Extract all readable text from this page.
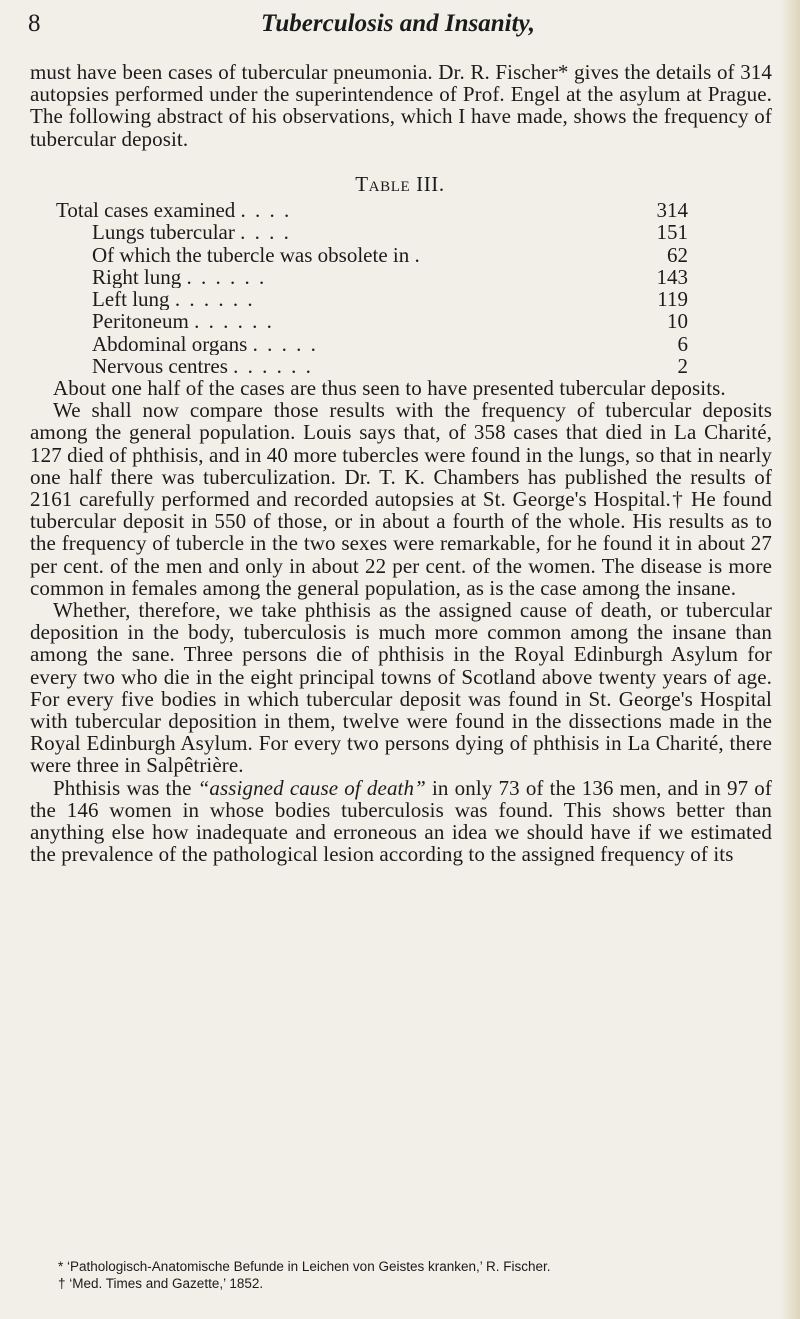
8	Tuberculosis and Insanity,

must have been cases of tubercular pneumonia. Dr. R. Fischer* gives the details of 314 autopsies performed under the superintendence of Prof. Engel at the asylum at Prague. The following abstract of his observations, which I have made, shows the frequency of tubercular deposit.

Table III.
Total cases examined . . . .	314
Lungs tubercular . . . .	151
Of which the tubercle was obsolete in .	62
Right lung . . . . . .	143
Left lung . . . . . .	119
Peritoneum . . . . . .	10
Abdominal organs . . . . .	6
Nervous centres . . . . . .	2

About one half of the cases are thus seen to have presented tubercular deposits.

We shall now compare those results with the frequency of tubercular deposits among the general population. Louis says that, of 358 cases that died in La Charité, 127 died of phthisis, and in 40 more tubercles were found in the lungs, so that in nearly one half there was tuberculization. Dr. T. K. Chambers has published the results of 2161 carefully performed and recorded autopsies at St. George's Hospital.† He found tubercular deposit in 550 of those, or in about a fourth of the whole. His results as to the frequency of tubercle in the two sexes were remarkable, for he found it in about 27 per cent. of the men and only in about 22 per cent. of the women. The disease is more common in females among the general population, as is the case among the insane.

Whether, therefore, we take phthisis as the assigned cause of death, or tubercular deposition in the body, tuberculosis is much more common among the insane than among the sane. Three persons die of phthisis in the Royal Edinburgh Asylum for every two who die in the eight principal towns of Scotland above twenty years of age. For every five bodies in which tubercular deposit was found in St. George's Hospital with tubercular deposition in them, twelve were found in the dissections made in the Royal Edinburgh Asylum. For every two persons dying of phthisis in La Charité, there were three in Salpêtrière.

Phthisis was the “assigned cause of death” in only 73 of the 136 men, and in 97 of the 146 women in whose bodies tuberculosis was found. This shows better than anything else how inadequate and erroneous an idea we should have if we estimated the prevalence of the pathological lesion according to the assigned frequency of its

* ‘Pathologisch-Anatomische Befunde in Leichen von Geistes kranken,’ R. Fischer.

† ‘Med. Times and Gazette,’ 1852.
